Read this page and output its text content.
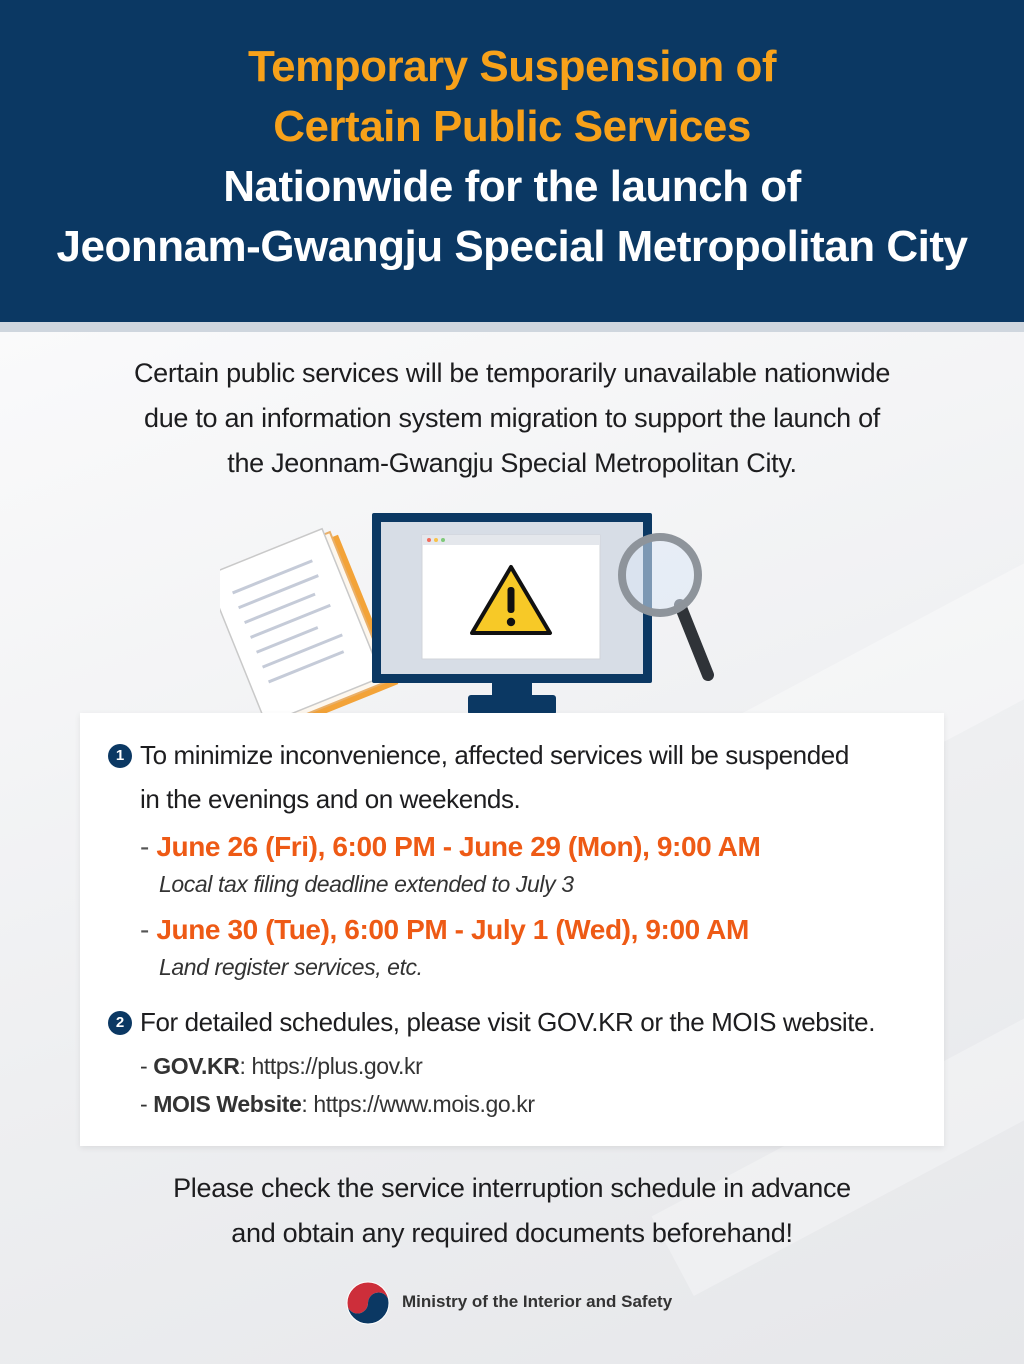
Temporary Suspension of
Certain Public Services
Nationwide for the launch of
Jeonnam-Gwangju Special Metropolitan City
Certain public services will be temporarily unavailable nationwide
due to an information system migration to support the launch of
the Jeonnam-Gwangju Special Metropolitan City.
1 To minimize inconvenience, affected services will be suspended
in the evenings and on weekends.
- June 26 (Fri), 6:00 PM - June 29 (Mon), 9:00 AM
Local tax filing deadline extended to July 3
- June 30 (Tue), 6:00 PM - July 1 (Wed), 9:00 AM
Land register services, etc.
2 For detailed schedules, please visit GOV.KR or the MOIS website.
- GOV.KR: https://plus.gov.kr
- MOIS Website: https://www.mois.go.kr
Please check the service interruption schedule in advance
and obtain any required documents beforehand!
Ministry of the Interior and Safety
